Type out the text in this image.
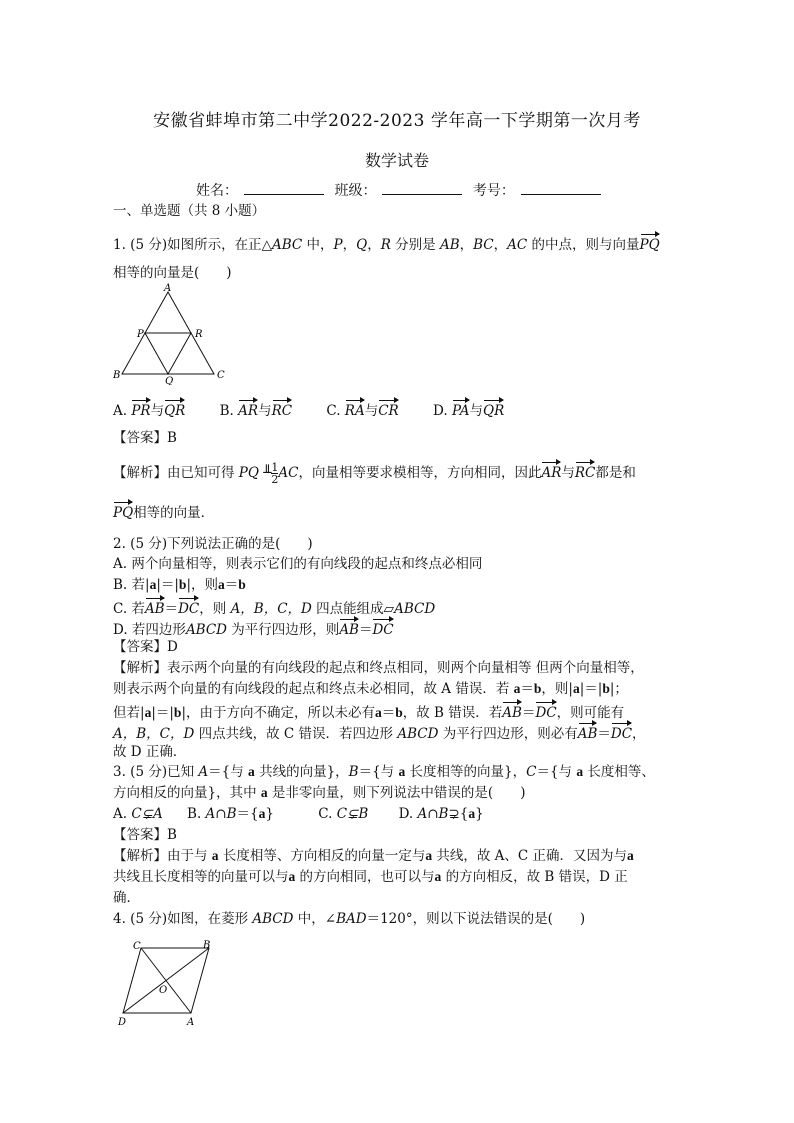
安徽省蚌埠市第二中学2022-2023 学年高一下学期第一次月考
数学试卷
姓名：	班级：	考号：
一、单选题（共 8 小题）
1. (5 分)如图所示，在正△ABC 中，P，Q，R 分别是 AB，BC，AC 的中点，则与向量PQ
相等的向量是(　　)
A
B	C
P
Q
R
A. PR与QR	B. AR与RC	C. RA与CR	D. PA与QR
【答案】B
【解析】由已知可得 PQ ╨ $\frac{1}{2}$ AC，向量相等要求模相等，方向相同，因此AR与RC都是和
PQ相等的向量．
2. (5 分)下列说法正确的是(　　)
A. 两个向量相等，则表示它们的有向线段的起点和终点必相同
B. 若|a|＝|b|，则a＝b
C. 若AB＝DC，则 A，B，C，D 四点能组成▱ABCD
D. 若四边形ABCD 为平行四边形，则AB＝DC
【答案】D
【解析】表示两个向量的有向线段的起点和终点相同，则两个向量相等 但两个向量相等，
则表示两个向量的有向线段的起点和终点未必相同，故 A 错误．若 a＝b，则|a|＝|b|；
但若|a|＝|b|，由于方向不确定，所以未必有a＝b，故 B 错误．若AB＝DC，则可能有
A，B，C，D 四点共线，故 C 错误．若四边形 ABCD 为平行四边形，则必有AB＝DC，
故 D 正确．
3. (5 分)已知 A＝{与 a 共线的向量}，B＝{与 a 长度相等的向量}，C＝{与 a 长度相等、
方向相反的向量}，其中 a 是非零向量，则下列说法中错误的是(　　)
A. C⊊A B. A∩B＝{a}	C. C⊊B D. A∩B⊋{a}
【答案】B
【解析】由于与 a 长度相等、方向相反的向量一定与a 共线，故 A、C 正确．又因为与a
共线且长度相等的向量可以与a 的方向相同，也可以与a 的方向相反，故 B 错误，D 正
确．
4. (5 分)如图，在菱形 ABCD 中，∠BAD＝120°，则以下说法错误的是(　　)
C	B
O
D	A
